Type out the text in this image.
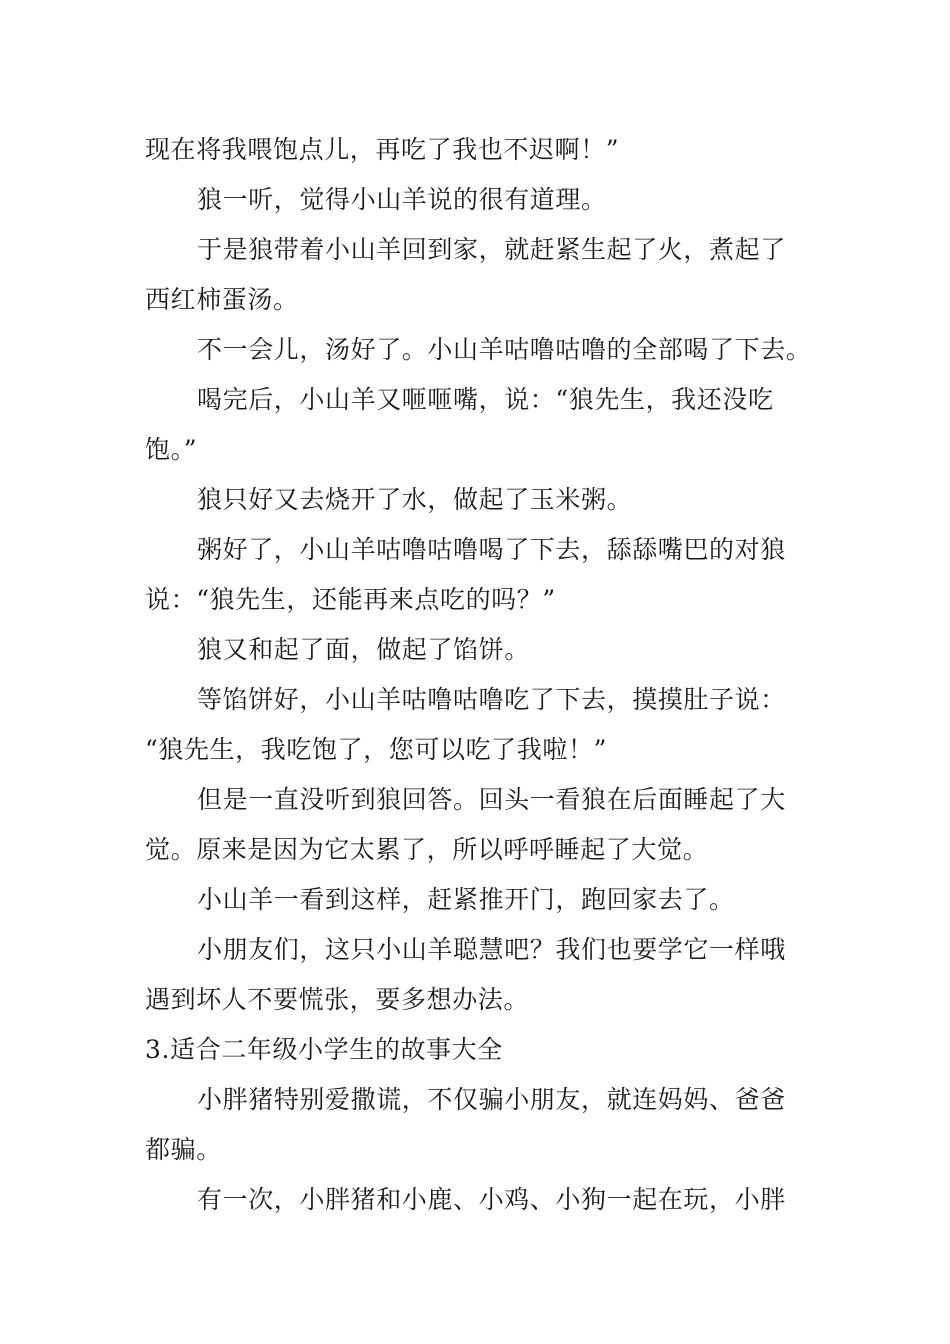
现在将我喂饱点儿，再吃了我也不迟啊！”
狼一听，觉得小山羊说的很有道理。
于是狼带着小山羊回到家，就赶紧生起了火，煮起了
西红柿蛋汤。
不一会儿，汤好了。小山羊咕噜咕噜的全部喝了下去。
喝完后，小山羊又咂咂嘴，说：“狼先生，我还没吃
饱。”
狼只好又去烧开了水，做起了玉米粥。
粥好了，小山羊咕噜咕噜喝了下去，舔舔嘴巴的对狼
说：“狼先生，还能再来点吃的吗？”
狼又和起了面，做起了馅饼。
等馅饼好，小山羊咕噜咕噜吃了下去，摸摸肚子说：
“狼先生，我吃饱了，您可以吃了我啦！”
但是一直没听到狼回答。回头一看狼在后面睡起了大
觉。原来是因为它太累了，所以呼呼睡起了大觉。
小山羊一看到这样，赶紧推开门，跑回家去了。
小朋友们，这只小山羊聪慧吧？我们也要学它一样哦
遇到坏人不要慌张，要多想办法。
3.适合二年级小学生的故事大全
小胖猪特别爱撒谎，不仅骗小朋友，就连妈妈、爸爸
都骗。
有一次，小胖猪和小鹿、小鸡、小狗一起在玩，小胖
